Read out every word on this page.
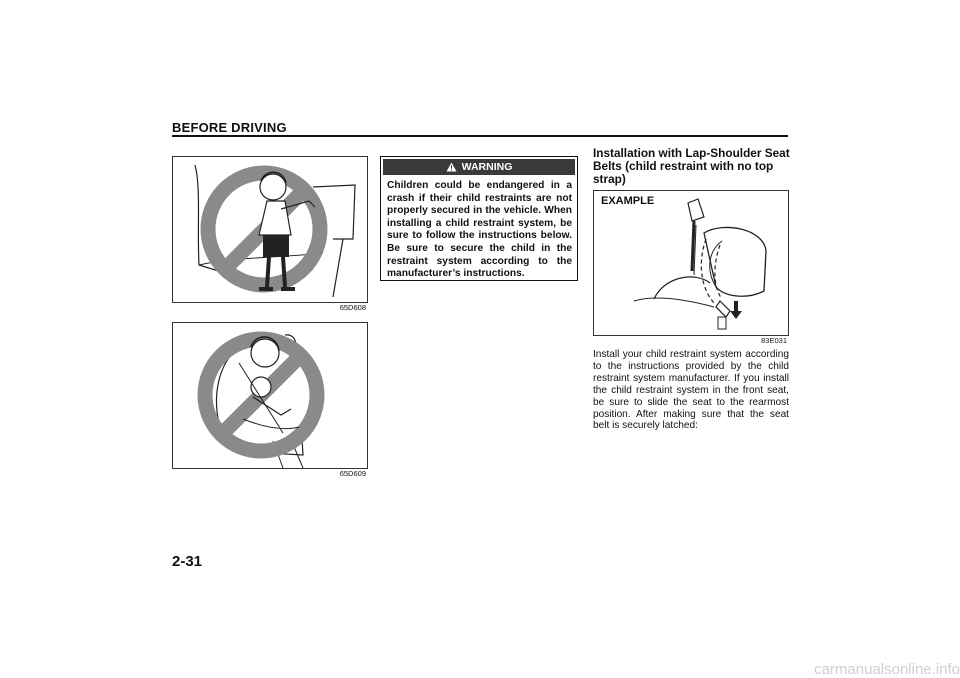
BEFORE DRIVING
65D608
65D609
WARNING
Children could be endangered in a crash if their child restraints are not properly secured in the vehicle. When installing a child restraint system, be sure to follow the instructions below. Be sure to secure the child in the restraint system according to the manufacturer’s instructions.
Installation with Lap-Shoulder Seat Belts (child restraint with no top strap)
EXAMPLE
83E031
Install your child restraint system according to the instructions provided by the child restraint system manufacturer. If you install the child restraint system in the front seat, be sure to slide the seat to the rearmost position. After making sure that the seat belt is securely latched:
2-31
carmanualsonline.info
